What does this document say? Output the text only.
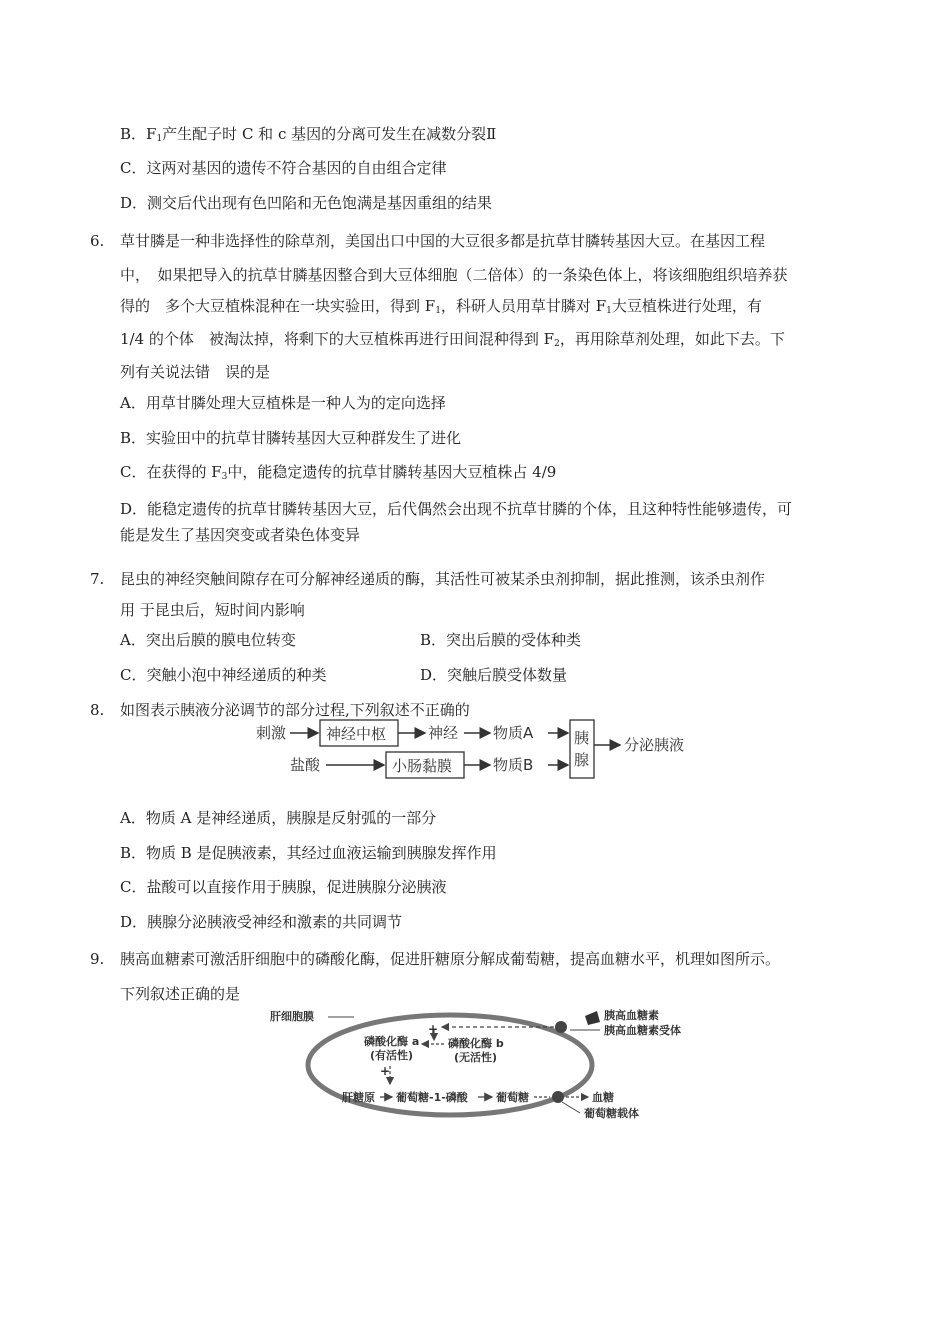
B．$F_1$产生配子时 C 和 c 基因的分离可发生在减数分裂Ⅱ
C．这两对基因的遗传不符合基因的自由组合定律
D．测交后代出现有色凹陷和无色饱满是基因重组的结果
6. 草甘膦是一种非选择性的除草剂，美国出口中国的大豆很多都是抗草甘膦转基因大豆。在基因工程
中，　如果把导入的抗草甘膦基因整合到大豆体细胞（二倍体）的一条染色体上，将该细胞组织培养获
得的　多个大豆植株混种在一块实验田，得到 $F_1$，科研人员用草甘膦对 $F_1$大豆植株进行处理，有
1/4 的个体　被淘汰掉，将剩下的大豆植株再进行田间混种得到 $F_2$，再用除草剂处理，如此下去。下
列有关说法错　误的是
A．用草甘膦处理大豆植株是一种人为的定向选择
B．实验田中的抗草甘膦转基因大豆种群发生了进化
C．在获得的 $F_3$中，能稳定遗传的抗草甘膦转基因大豆植株占 4/9
D．能稳定遗传的抗草甘膦转基因大豆，后代偶然会出现不抗草甘膦的个体，且这种特性能够遗传，可
能是发生了基因突变或者染色体变异
7. 昆虫的神经突触间隙存在可分解神经递质的酶，其活性可被某杀虫剂抑制，据此推测，该杀虫剂作
用 于昆虫后，短时间内影响
A．突出后膜的膜电位转变	B．突出后膜的受体种类
C．突触小泡中神经递质的种类	D．突触后膜受体数量
8. 如图表示胰液分泌调节的部分过程,下列叙述不正确的
刺激	神经中枢	神经 物质A
盐酸	小肠黏膜	物质B
胰
腺
分泌胰液
A．物质 A 是神经递质，胰腺是反射弧的一部分
B．物质 B 是促胰液素，其经过血液运输到胰腺发挥作用
C．盐酸可以直接作用于胰腺，促进胰腺分泌胰液
D．胰腺分泌胰液受神经和激素的共同调节
9. 胰高血糖素可激活肝细胞中的磷酸化酶，促进肝糖原分解成葡萄糖，提高血糖水平，机理如图所示。
下列叙述正确的是
肝细胞膜	胰高血糖素
胰高血糖素受体
+
磷酸化酶 a
(有活性)
磷酸化酶 b
(无活性)
+
肝糖原 葡萄糖-1-磷酸	葡萄糖	血糖
葡萄糖载体
